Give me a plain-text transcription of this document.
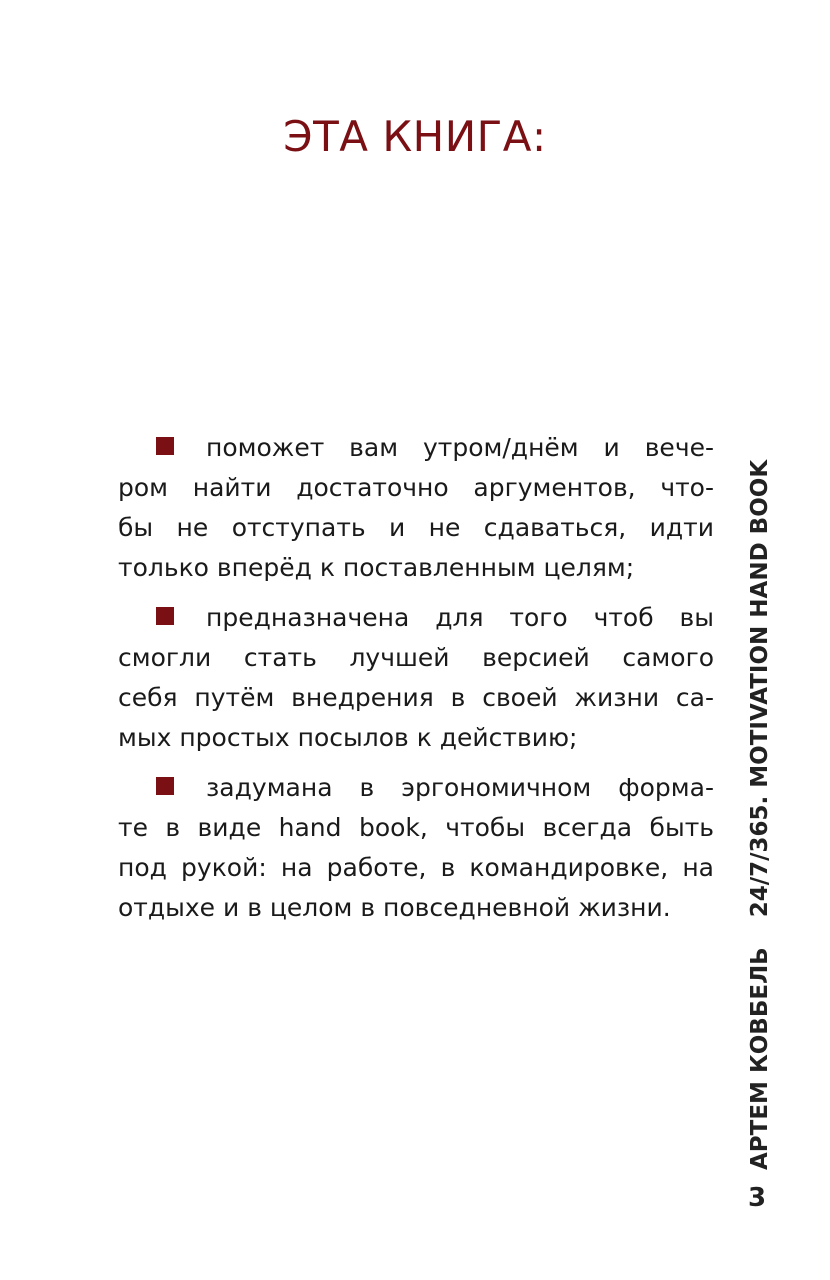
ЭТА КНИГА:
поможет вам утром/днём и вече-
ром найти достаточно аргументов, что-
бы не отступать и не сдаваться, идти
только вперёд к поставленным целям;
предназначена для того чтоб вы
смогли стать лучшей версией самого
себя путём внедрения в своей жизни са-
мых простых посылов к действию;
задумана в эргономичном форма-
те в виде hand book, чтобы всегда быть
под рукой: на работе, в командировке, на
отдыхе и в целом в повседневной жизни.
АРТЕМ КОВБЕЛЬ24/7/365. MOTIVATION HAND BOOK
3
